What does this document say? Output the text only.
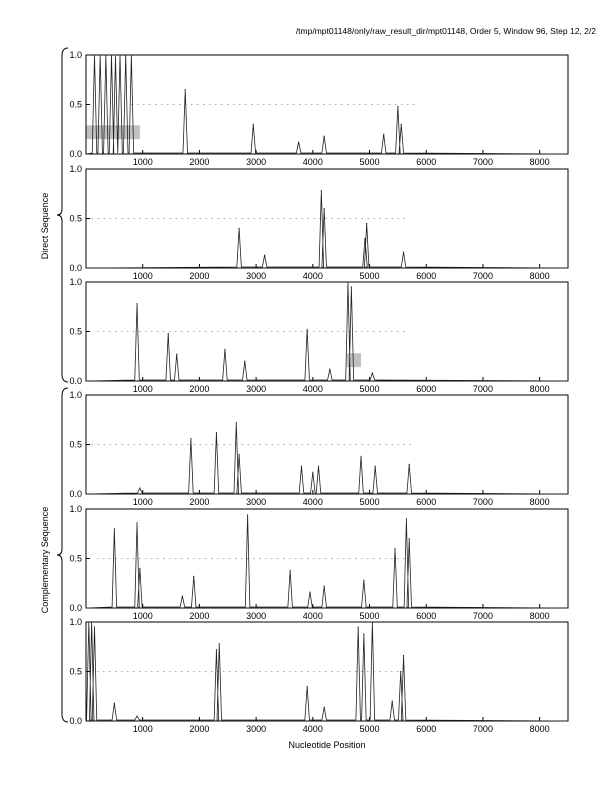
/tmp/mpt01148/only/raw_result_dir/mpt01148, Order 5, Window 96, Step 12, 2/2
0.0
0.5
1.0
1000	2000	3000	4000	5000	6000	7000	8000
0.0
0.5
1.0
1000	2000	3000	4000	5000	6000	7000	8000
0.0
0.5
1.0
1000	2000	3000	4000	5000	6000	7000	8000
0.0
0.5
1.0
1000	2000	3000	4000	5000	6000	7000	8000
0.0
0.5
1.0
1000	2000	3000	4000	5000	6000	7000	8000
0.0
0.5
1.0
1000	2000	3000	4000	5000	6000	7000	8000
Direct Sequence
Complementary Sequence
Nucleotide Position
